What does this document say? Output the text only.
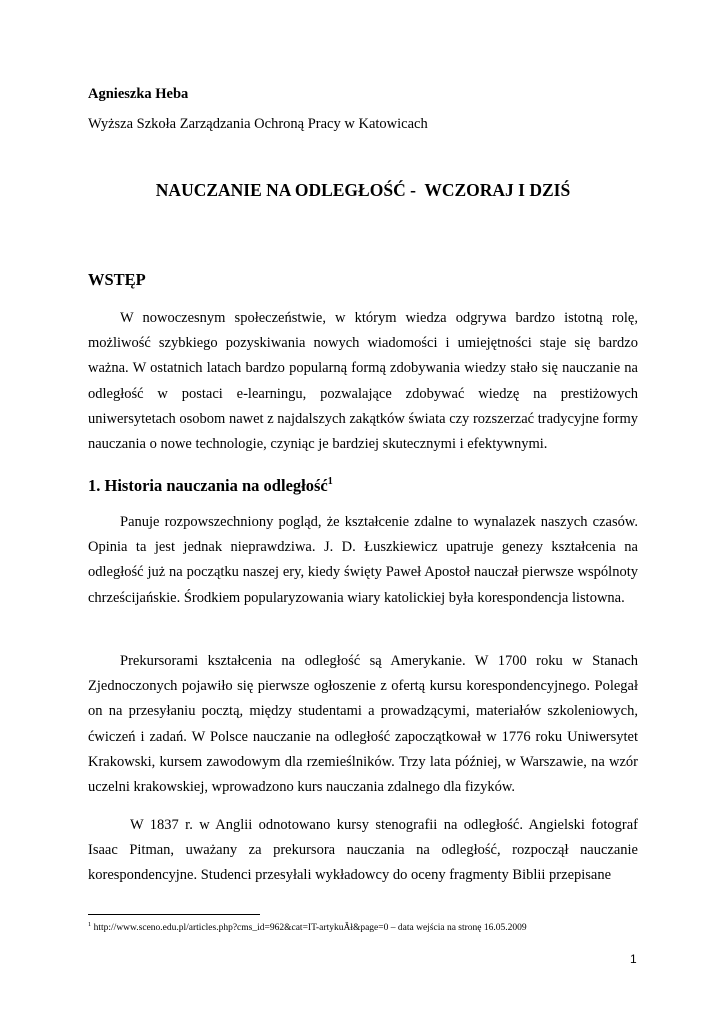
Agnieszka Heba
Wyższa Szkoła Zarządzania Ochroną Pracy w Katowicach
NAUCZANIE NA ODLEGŁOŚĆ -  WCZORAJ I DZIŚ
WSTĘP

W nowoczesnym społeczeństwie, w którym wiedza odgrywa bardzo istotną rolę, możliwość szybkiego pozyskiwania nowych wiadomości i umiejętności staje się bardzo ważna. W ostatnich latach bardzo popularną formą zdobywania wiedzy stało się nauczanie na odległość w postaci e-learningu, pozwalające zdobywać wiedzę na prestiżowych uniwersytetach osobom nawet z najdalszych zakątków świata czy rozszerzać tradycyjne formy nauczania o nowe technologie, czyniąc je bardziej skutecznymi i efektywnymi.

1. Historia nauczania na odległość$^1$

Panuje rozpowszechniony pogląd, że kształcenie zdalne to wynalazek naszych czasów. Opinia ta jest jednak nieprawdziwa. J. D. Łuszkiewicz upatruje genezy kształcenia na odległość już na początku naszej ery, kiedy święty Paweł Apostoł nauczał pierwsze wspólnoty chrześcijańskie. Środkiem popularyzowania wiary katolickiej była korespondencja listowna.

Prekursorami kształcenia na odległość są Amerykanie. W 1700 roku w Stanach Zjednoczonych pojawiło się pierwsze ogłoszenie z ofertą kursu korespondencyjnego. Polegał on na przesyłaniu pocztą, między studentami a prowadzącymi, materiałów szkoleniowych, ćwiczeń i zadań. W Polsce nauczanie na odległość zapoczątkował w 1776 roku Uniwersytet Krakowski, kursem zawodowym dla rzemieślników. Trzy lata później, w Warszawie, na wzór uczelni krakowskiej, wprowadzono kurs nauczania zdalnego dla fizyków.

W 1837 r. w Anglii odnotowano kursy stenografii na odległość. Angielski fotograf Isaac Pitman, uważany za prekursora nauczania na odległość, rozpoczął nauczanie korespondencyjne. Studenci przesyłali wykładowcy do oceny fragmenty Biblii przepisane

$^1$ http://www.sceno.edu.pl/articles.php?cms_id=962&cat=IT-artykuĂł&page=0 – data wejścia na stronę 16.05.2009
1
